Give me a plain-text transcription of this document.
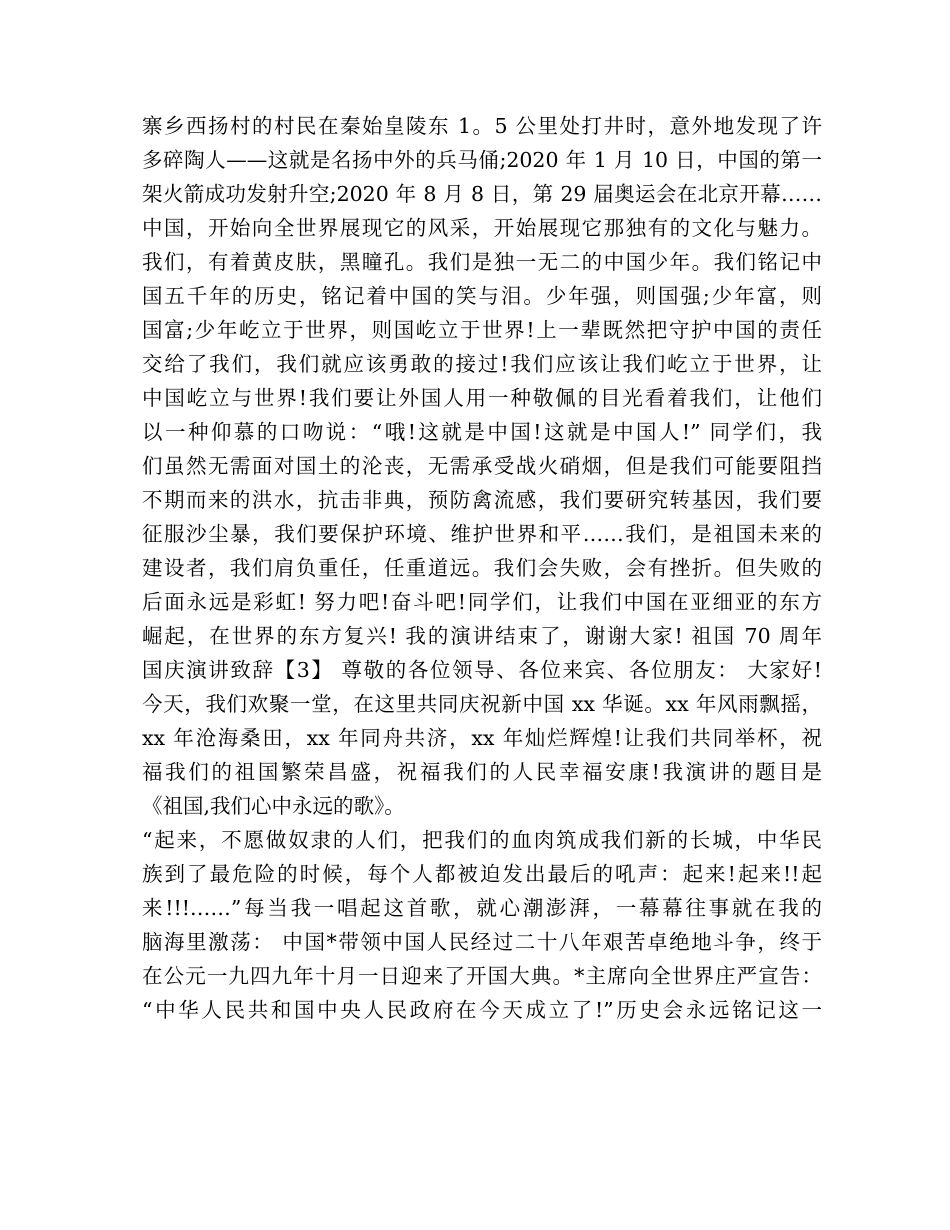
寨乡西扬村的村民在秦始皇陵东 1。5 公里处打井时，意外地发现了许
多碎陶人——这就是名扬中外的兵马俑;2020 年 1 月 10 日，中国的第一
架火箭成功发射升空;2020 年 8 月 8 日，第 29 届奥运会在北京开幕……
中国，开始向全世界展现它的风采，开始展现它那独有的文化与魅力。
我们，有着黄皮肤，黑瞳孔。我们是独一无二的中国少年。我们铭记中
国五千年的历史，铭记着中国的笑与泪。少年强，则国强;少年富，则
国富;少年屹立于世界，则国屹立于世界!上一辈既然把守护中国的责任
交给了我们，我们就应该勇敢的接过!我们应该让我们屹立于世界，让
中国屹立与世界!我们要让外国人用一种敬佩的目光看着我们，让他们
以一种仰慕的口吻说：“哦!这就是中国!这就是中国人!” 同学们，我
们虽然无需面对国土的沦丧，无需承受战火硝烟，但是我们可能要阻挡
不期而来的洪水，抗击非典，预防禽流感，我们要研究转基因，我们要
征服沙尘暴，我们要保护环境、维护世界和平……我们，是祖国未来的
建设者，我们肩负重任，任重道远。我们会失败，会有挫折。但失败的
后面永远是彩虹! 努力吧!奋斗吧!同学们，让我们中国在亚细亚的东方
崛起，在世界的东方复兴! 我的演讲结束了，谢谢大家! 祖国 70 周年
国庆演讲致辞【3】 尊敬的各位领导、各位来宾、各位朋友： 大家好!
今天，我们欢聚一堂，在这里共同庆祝新中国 xx 华诞。xx 年风雨飘摇，
xx 年沧海桑田，xx 年同舟共济，xx 年灿烂辉煌!让我们共同举杯，祝
福我们的祖国繁荣昌盛，祝福我们的人民幸福安康!我演讲的题目是
《祖国,我们心中永远的歌》。
“起来，不愿做奴隶的人们，把我们的血肉筑成我们新的长城，中华民
族到了最危险的时候，每个人都被迫发出最后的吼声：起来!起来!!起
来!!!……”每当我一唱起这首歌，就心潮澎湃，一幕幕往事就在我的
脑海里激荡： 中国*带领中国人民经过二十八年艰苦卓绝地斗争，终于
在公元一九四九年十月一日迎来了开国大典。*主席向全世界庄严宣告：
“中华人民共和国中央人民政府在今天成立了!”历史会永远铭记这一
